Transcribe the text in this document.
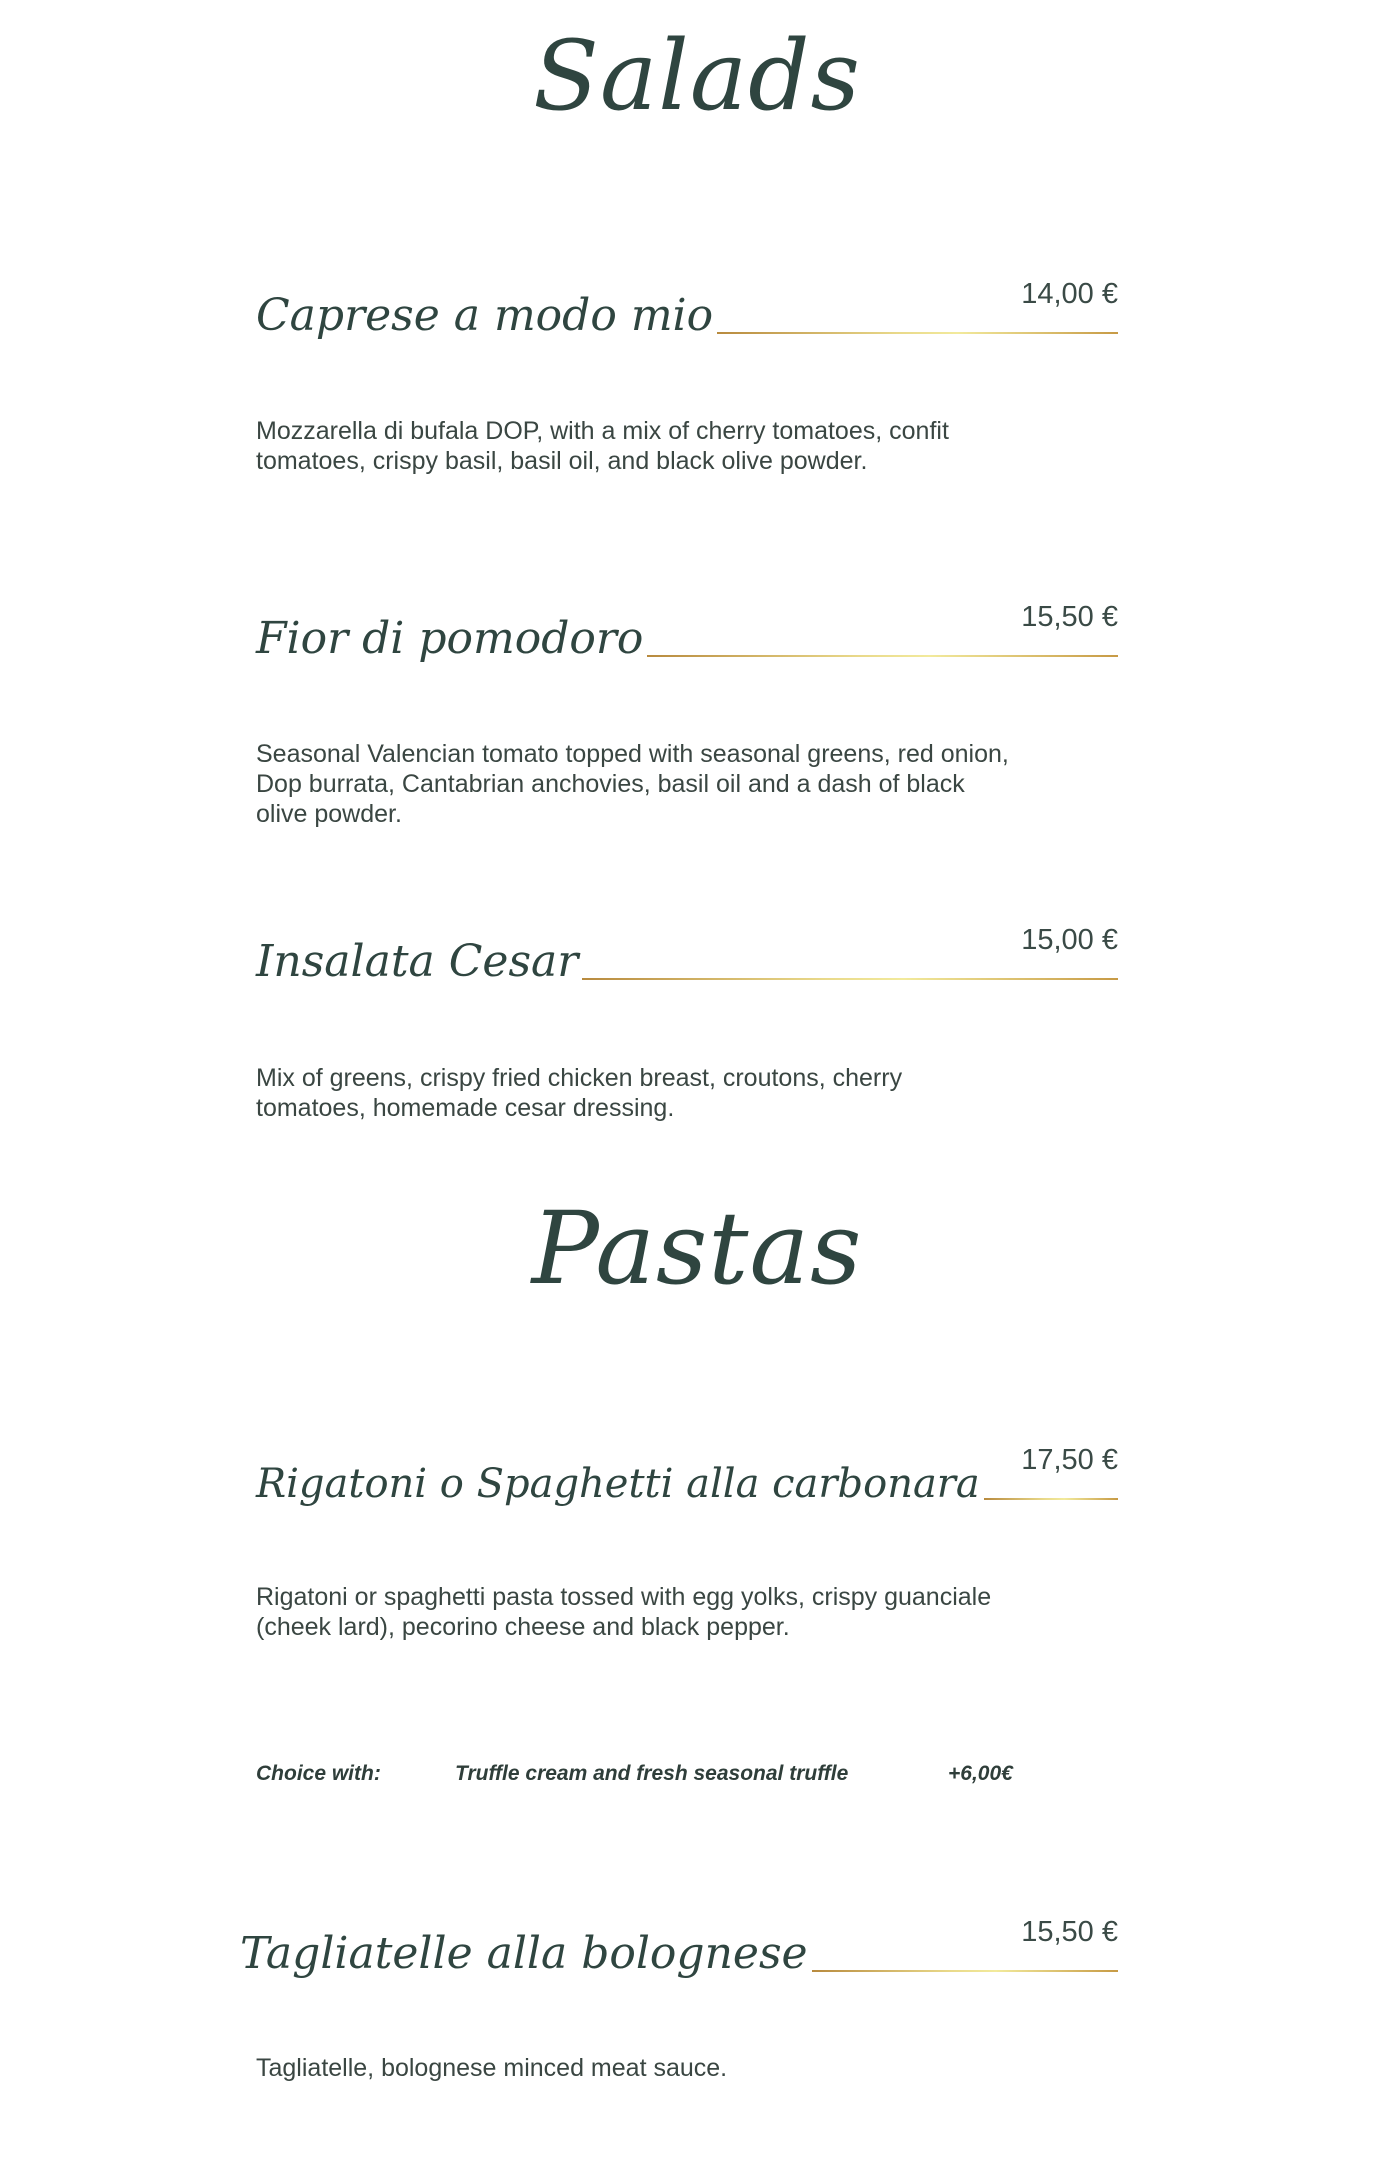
Salads
Caprese a modo mio	14,00 €
Mozzarella di bufala DOP, with a mix of cherry tomatoes, confit tomatoes, crispy basil, basil oil, and black olive powder.
Fior di pomodoro	15,50 €
Seasonal Valencian tomato topped with seasonal greens, red onion, Dop burrata, Cantabrian anchovies, basil oil and a dash of black olive powder.
Insalata Cesar	15,00 €
Mix of greens, crispy fried chicken breast, croutons, cherry tomatoes, homemade cesar dressing.
Pastas
Rigatoni o Spaghetti alla carbonara
17,50 €
Rigatoni or spaghetti pasta tossed with egg yolks, crispy guanciale (cheek lard), pecorino cheese and black pepper.
Choice with:	Truffle cream and fresh seasonal truffle	+6,00€
Tagliatelle alla bolognese	15,50 €
Tagliatelle, bolognese minced meat sauce.
